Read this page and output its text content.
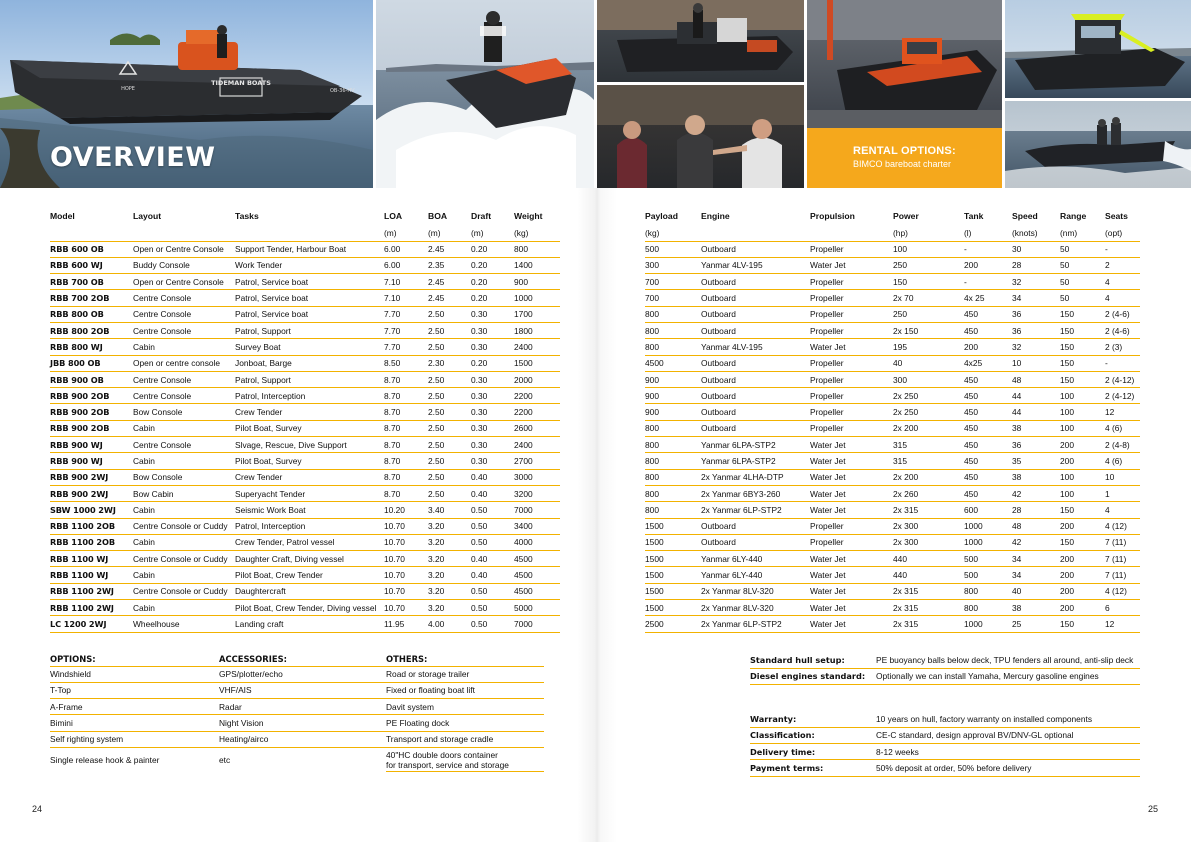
TIDEMAN BOATS
OB-36-HV
HOPE
OVERVIEW	RENTAL OPTIONS:
BIMCO bareboat charter
Model	Layout	Tasks	LOA	BOA	Draft	Weight
			(m)	(m)	(m)	(kg)
RBB 600 OB	Open or Centre Console	Support Tender, Harbour Boat	6.00	2.45	0.20	800
RBB 600 WJ	Buddy Console	Work Tender	6.00	2.35	0.20	1400
RBB 700 OB	Open or Centre Console	Patrol, Service boat	7.10	2.45	0.20	900
RBB 700 2OB	Centre Console	Patrol, Service boat	7.10	2.45	0.20	1000
RBB 800 OB	Centre Console	Patrol, Service boat	7.70	2.50	0.30	1700
RBB 800 2OB	Centre Console	Patrol, Support	7.70	2.50	0.30	1800
RBB 800 WJ	Cabin	Survey Boat	7.70	2.50	0.30	2400
JBB 800 OB	Open or centre console	Jonboat, Barge	8.50	2.30	0.20	1500
RBB 900 OB	Centre Console	Patrol, Support	8.70	2.50	0.30	2000
RBB 900 2OB	Centre Console	Patrol, Interception	8.70	2.50	0.30	2200
RBB 900 2OB	Bow Console	Crew Tender	8.70	2.50	0.30	2200
RBB 900 2OB	Cabin	Pilot Boat, Survey	8.70	2.50	0.30	2600
RBB 900 WJ	Centre Console	Slvage, Rescue, Dive Support	8.70	2.50	0.30	2400
RBB 900 WJ	Cabin	Pilot Boat, Survey	8.70	2.50	0.30	2700
RBB 900 2WJ	Bow Console	Crew Tender	8.70	2.50	0.40	3000
RBB 900 2WJ	Bow Cabin	Superyacht Tender	8.70	2.50	0.40	3200
SBW 1000 2WJ	Cabin	Seismic Work Boat	10.20	3.40	0.50	7000
RBB 1100 2OB	Centre Console or Cuddy	Patrol, Interception	10.70	3.20	0.50	3400
RBB 1100 2OB	Cabin	Crew Tender, Patrol vessel	10.70	3.20	0.50	4000
RBB 1100 WJ	Centre Console or Cuddy	Daughter Craft, Diving vessel	10.70	3.20	0.40	4500
RBB 1100 WJ	Cabin	Pilot Boat, Crew Tender	10.70	3.20	0.40	4500
RBB 1100 2WJ	Centre Console or Cuddy	Daughtercraft	10.70	3.20	0.50	4500
RBB 1100 2WJ	Cabin	Pilot Boat, Crew Tender, Diving vessel	10.70	3.20	0.50	5000
LC 1200 2WJ	Wheelhouse	Landing craft	11.95	4.00	0.50	7000
Payload	Engine	Propulsion	Power	Tank	Speed	Range	Seats
(kg)			(hp)	(l)	(knots)	(nm)	(opt)
500	Outboard	Propeller	100	-	30	50	-
300	Yanmar 4LV-195	Water Jet	250	200	28	50	2
700	Outboard	Propeller	150	-	32	50	4
700	Outboard	Propeller	2x 70	4x 25	34	50	4
800	Outboard	Propeller	250	450	36	150	2 (4-6)
800	Outboard	Propeller	2x 150	450	36	150	2 (4-6)
800	Yanmar 4LV-195	Water Jet	195	200	32	150	2 (3)
4500	Outboard	Propeller	40	4x25	10	150	-
900	Outboard	Propeller	300	450	48	150	2 (4-12)
900	Outboard	Propeller	2x 250	450	44	100	2 (4-12)
900	Outboard	Propeller	2x 250	450	44	100	12
800	Outboard	Propeller	2x 200	450	38	100	4 (6)
800	Yanmar 6LPA-STP2	Water Jet	315	450	36	200	2 (4-8)
800	Yanmar 6LPA-STP2	Water Jet	315	450	35	200	4 (6)
800	2x Yanmar 4LHA-DTP	Water Jet	2x 200	450	38	100	10
800	2x Yanmar 6BY3-260	Water Jet	2x 260	450	42	100	1
800	2x Yanmar 6LP-STP2	Water Jet	2x 315	600	28	150	4
1500	Outboard	Propeller	2x 300	1000	48	200	4 (12)
1500	Outboard	Propeller	2x 300	1000	42	150	7 (11)
1500	Yanmar 6LY-440	Water Jet	440	500	34	200	7 (11)
1500	Yanmar 6LY-440	Water Jet	440	500	34	200	7 (11)
1500	2x Yanmar 8LV-320	Water Jet	2x 315	800	40	200	4 (12)
1500	2x Yanmar 8LV-320	Water Jet	2x 315	800	38	200	6
2500	2x Yanmar 6LP-STP2	Water Jet	2x 315	1000	25	150	12
OPTIONS:	ACCESSORIES:	OTHERS:
Windshield	GPS/plotter/echo	Road or storage trailer
T-Top	VHF/AIS	Fixed or floating boat lift
A-Frame	Radar	Davit system
Bimini	Night Vision	PE Floating dock
Self righting system	Heating/airco	Transport and storage cradle
Single release hook & painter	etc	40"HC double doors container
for transport, service and storage
Standard hull setup:	PE buoyancy balls below deck, TPU fenders all around, anti-slip deck
Diesel engines standard:	Optionally we can install Yamaha, Mercury gasoline engines
Warranty:	10 years on hull, factory warranty on installed components
Classification:	CE-C standard, design approval BV/DNV-GL optional
Delivery time:	8-12 weeks
Payment terms:	50% deposit at order, 50% before delivery
24	25
